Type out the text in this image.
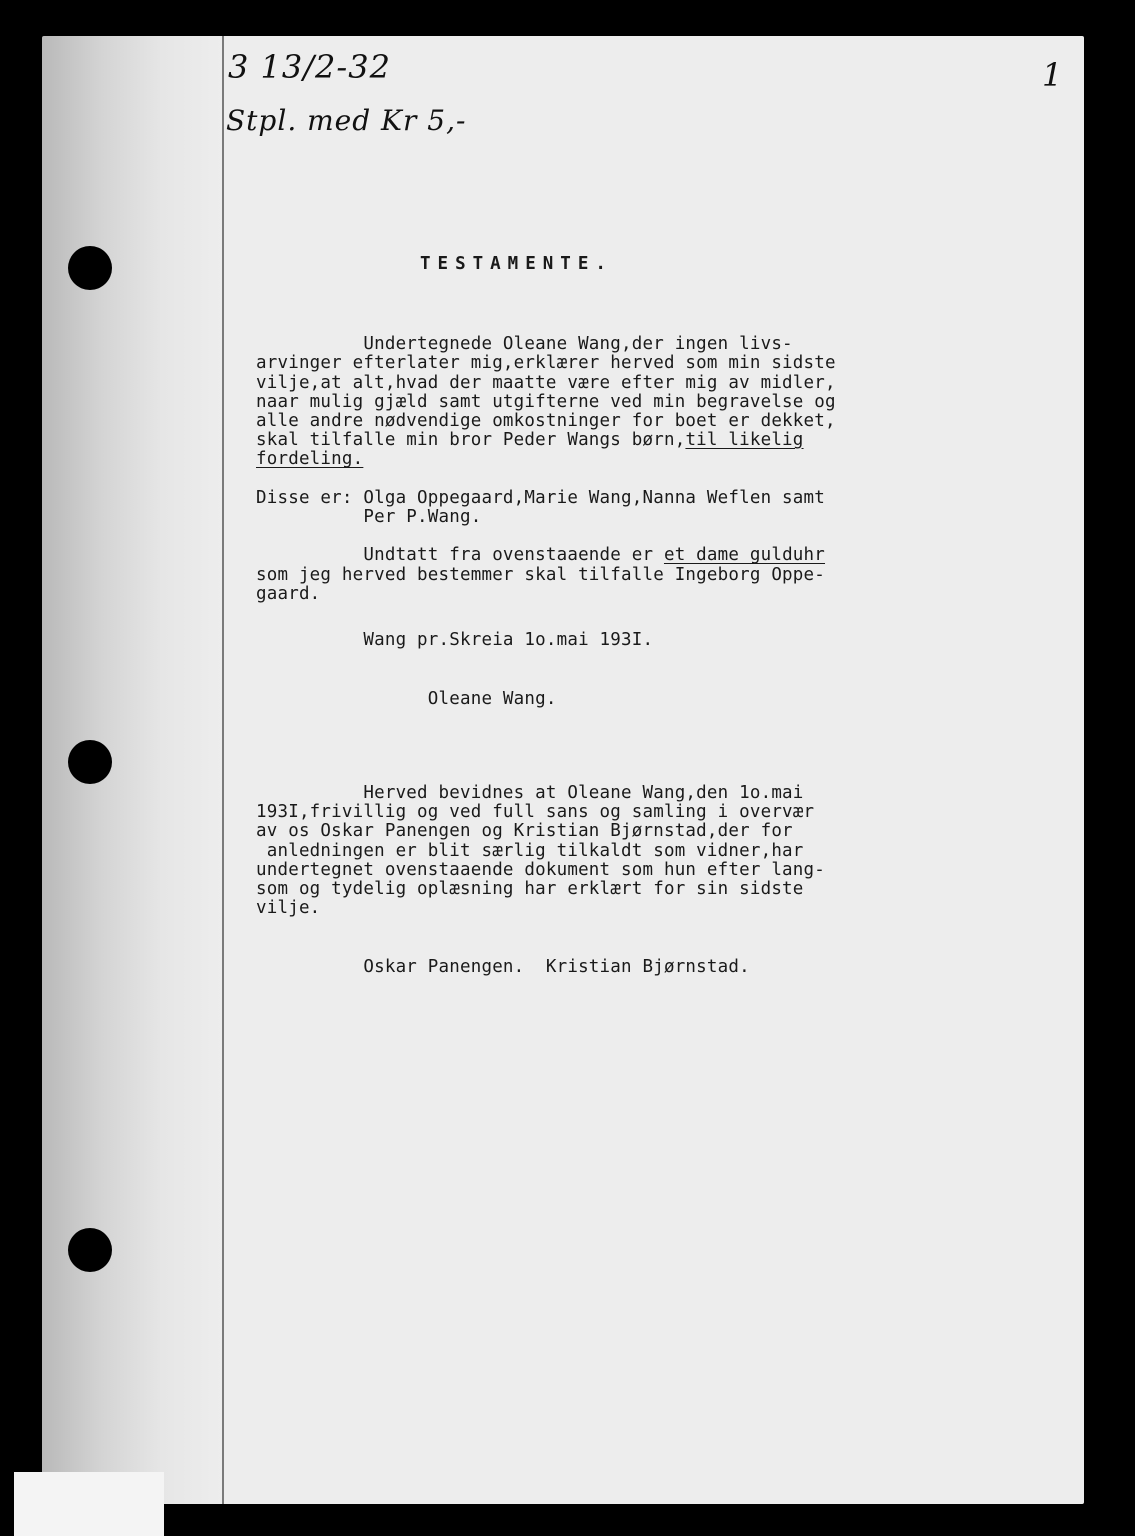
3 13/2-32
Stpl. med Kr 5,-
1
TESTAMENTE.

Undertegnede Oleane Wang,der ingen livs-
arvinger efterlater mig,erklærer herved som min sidste
vilje,at alt,hvad der maatte være efter mig av midler,
naar mulig gjæld samt utgifterne ved min begravelse og
alle andre nødvendige omkostninger for boet er dekket,
skal tilfalle min bror Peder Wangs børn,til likelig
fordeling.

Disse er: Olga Oppegaard,Marie Wang,Nanna Weflen samt
Per P.Wang.

Undtatt fra ovenstaaende er et dame gulduhr
som jeg herved bestemmer skal tilfalle Ingeborg Oppe-
gaard.

Wang pr.Skreia 1o.mai 193I.

Oleane Wang.

Herved bevidnes at Oleane Wang,den 1o.mai
193I,frivillig og ved full sans og samling i overvær
av os Oskar Panengen og Kristian Bjørnstad,der for
anledningen er blit særlig tilkaldt som vidner,har
undertegnet ovenstaaende dokument som hun efter lang-
som og tydelig oplæsning har erklært for sin sidste
vilje.

Oskar Panengen.  Kristian Bjørnstad.
